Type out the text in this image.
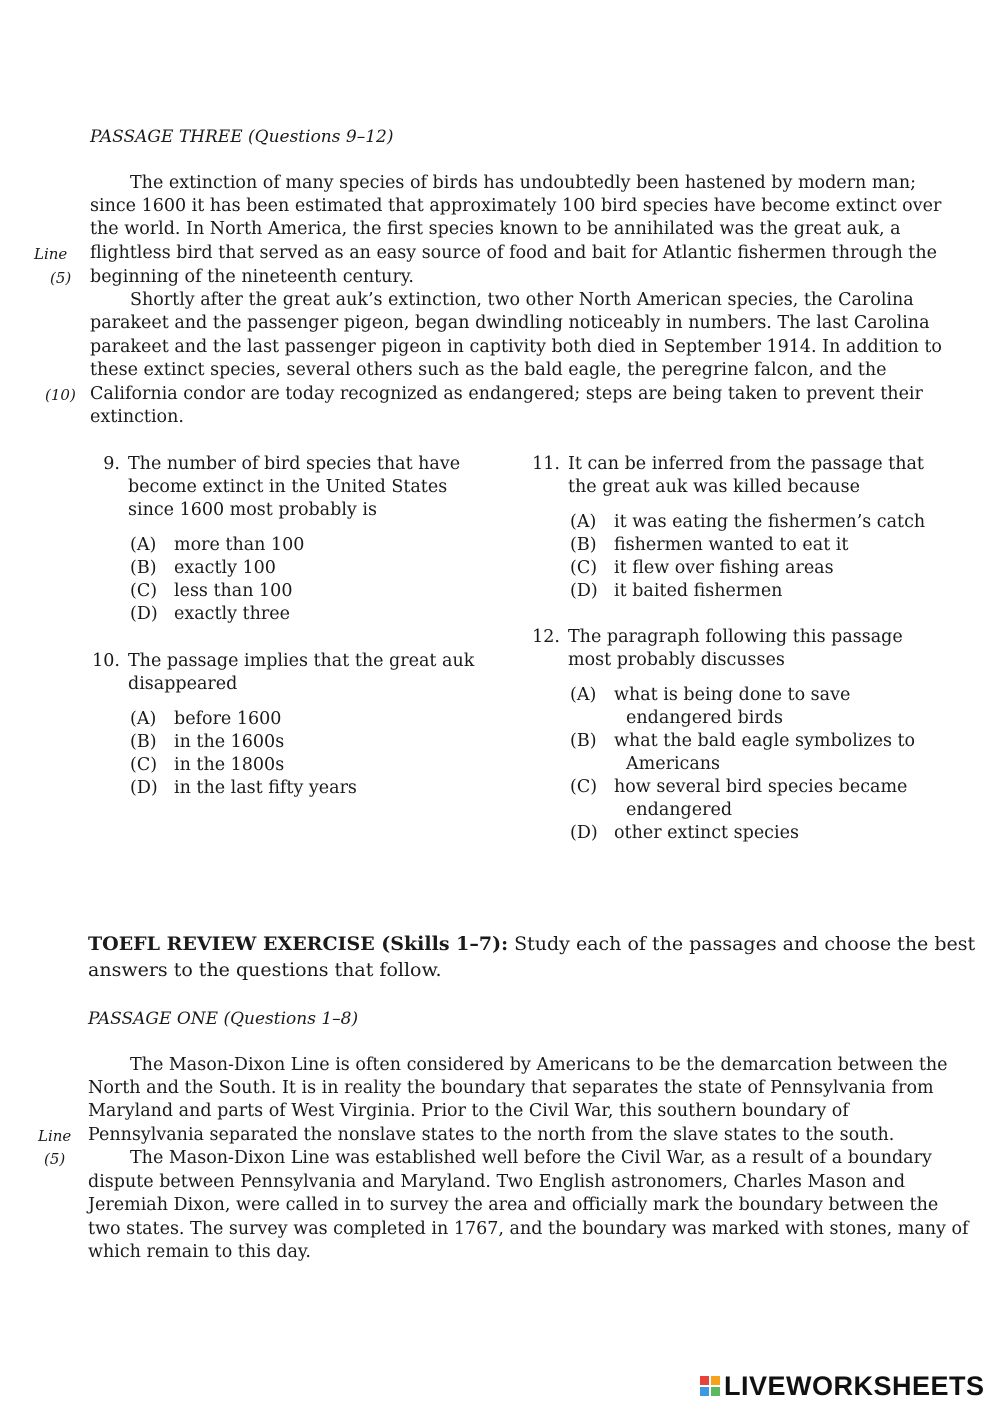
PASSAGE THREE (Questions 9–12)
The extinction of many species of birds has undoubtedly been hastened by modern man;
since 1600 it has been estimated that approximately 100 bird species have become extinct over
the world. In North America, the first species known to be annihilated was the great auk, a
flightless bird that served as an easy source of food and bait for Atlantic fishermen through the
beginning of the nineteenth century.
Shortly after the great auk’s extinction, two other North American species, the Carolina
parakeet and the passenger pigeon, began dwindling noticeably in numbers. The last Carolina
parakeet and the last passenger pigeon in captivity both died in September 1914. In addition to
these extinct species, several others such as the bald eagle, the peregrine falcon, and the
California condor are today recognized as endangered; steps are being taken to prevent their
extinction.
Line
(5)
(10)
9. The number of bird species that have
become extinct in the United States
since 1600 most probably is
(A) more than 100
(B) exactly 100
(C) less than 100
(D) exactly three
10. The passage implies that the great auk
disappeared
(A) before 1600
(B) in the 1600s
(C) in the 1800s
(D) in the last fifty years
11. It can be inferred from the passage that
the great auk was killed because
(A) it was eating the fishermen’s catch
(B) fishermen wanted to eat it
(C) it flew over fishing areas
(D) it baited fishermen
12. The paragraph following this passage
most probably discusses
(A) what is being done to save
endangered birds
(B) what the bald eagle symbolizes to
Americans
(C) how several bird species became
endangered
(D) other extinct species
TOEFL REVIEW EXERCISE (Skills 1–7): Study each of the passages and choose the best
answers to the questions that follow.
PASSAGE ONE (Questions 1–8)
The Mason-Dixon Line is often considered by Americans to be the demarcation between the
North and the South. It is in reality the boundary that separates the state of Pennsylvania from
Maryland and parts of West Virginia. Prior to the Civil War, this southern boundary of
Pennsylvania separated the nonslave states to the north from the slave states to the south.
The Mason-Dixon Line was established well before the Civil War, as a result of a boundary
dispute between Pennsylvania and Maryland. Two English astronomers, Charles Mason and
Jeremiah Dixon, were called in to survey the area and officially mark the boundary between the
two states. The survey was completed in 1767, and the boundary was marked with stones, many of
which remain to this day.
Line
(5)
LIVEWORKSHEETS
